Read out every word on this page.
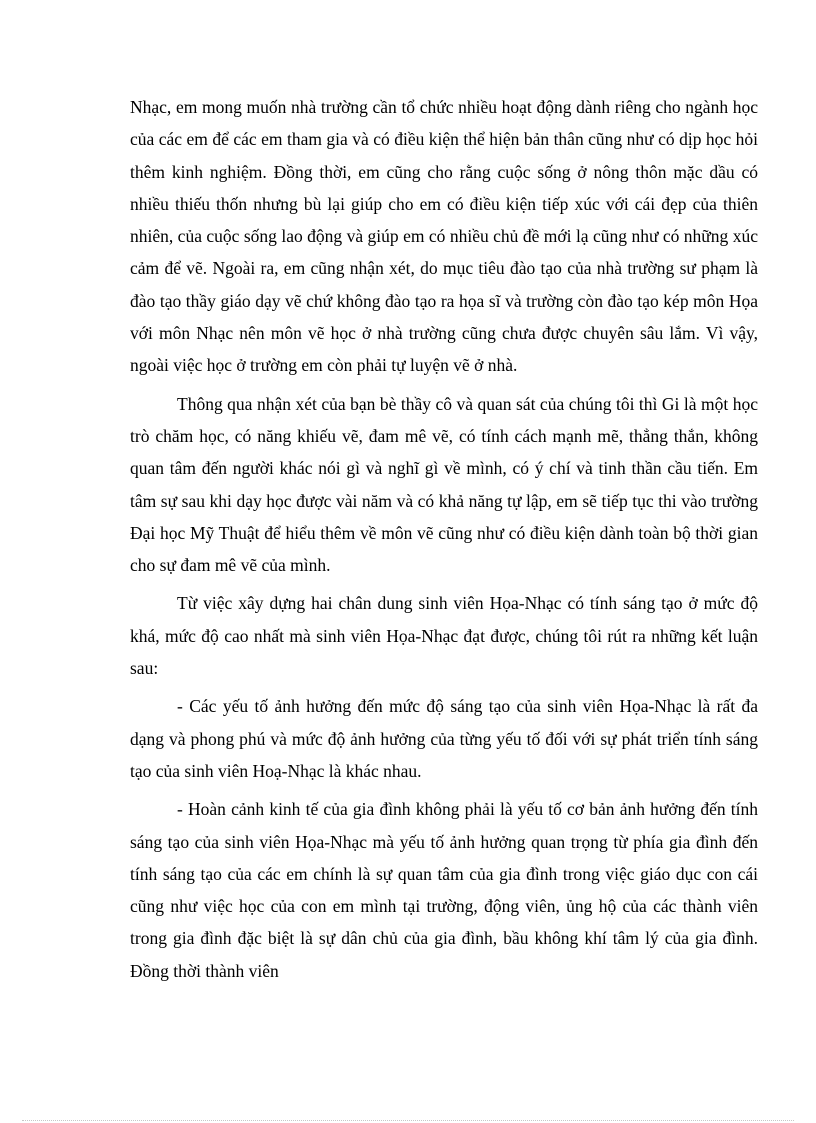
Nhạc, em mong muốn nhà trường cần tổ chức nhiều hoạt động dành riêng cho ngành học của các em để các em tham gia và có điều kiện thể hiện bản thân cũng như có dịp học hỏi thêm kinh nghiệm. Đồng thời, em cũng cho rằng cuộc sống ở nông thôn mặc dầu có nhiều thiếu thốn nhưng bù lại giúp cho em có điều kiện tiếp xúc với cái đẹp của thiên nhiên, của cuộc sống lao động và giúp em có nhiều chủ đề mới lạ cũng như có những xúc cảm để vẽ. Ngoài ra, em cũng nhận xét, do mục tiêu đào tạo của nhà trường sư phạm là đào tạo thầy giáo dạy vẽ chứ không đào tạo ra họa sĩ và trường còn đào tạo kép môn Họa với môn Nhạc nên môn vẽ học ở nhà trường cũng chưa được chuyên sâu lắm. Vì vậy, ngoài việc học ở trường em còn phải tự luyện vẽ ở nhà.

Thông qua nhận xét của bạn bè thầy cô và quan sát của chúng tôi thì Gi là một học trò chăm học, có năng khiếu vẽ, đam mê vẽ, có tính cách mạnh mẽ, thẳng thắn, không quan tâm đến người khác nói gì và nghĩ gì về mình, có ý chí và tinh thần cầu tiến. Em tâm sự sau khi dạy học được vài năm và có khả năng tự lập, em sẽ tiếp tục thi vào trường Đại học Mỹ Thuật để hiểu thêm về môn vẽ cũng như có điều kiện dành toàn bộ thời gian cho sự đam mê vẽ của mình.

Từ việc xây dựng hai chân dung sinh viên Họa-Nhạc có tính sáng tạo ở mức độ khá, mức độ cao nhất mà sinh viên Họa-Nhạc đạt được, chúng tôi rút ra những kết luận sau:

- Các yếu tố ảnh hưởng đến mức độ sáng tạo của sinh viên Họa-Nhạc là rất đa dạng và phong phú và mức độ ảnh hưởng của từng yếu tố đối với sự phát triển tính sáng tạo của sinh viên Hoạ-Nhạc là khác nhau.

- Hoàn cảnh kinh tế của gia đình không phải là yếu tố cơ bản ảnh hưởng đến tính sáng tạo của sinh viên Họa-Nhạc mà yếu tố ảnh hưởng quan trọng từ phía gia đình đến tính sáng tạo của các em chính là sự quan tâm của gia đình trong việc giáo dục con cái cũng như việc học của con em mình tại trường, động viên, ủng hộ của các thành viên trong gia đình đặc biệt là sự dân chủ của gia đình, bầu không khí tâm lý của gia đình. Đồng thời thành viên
